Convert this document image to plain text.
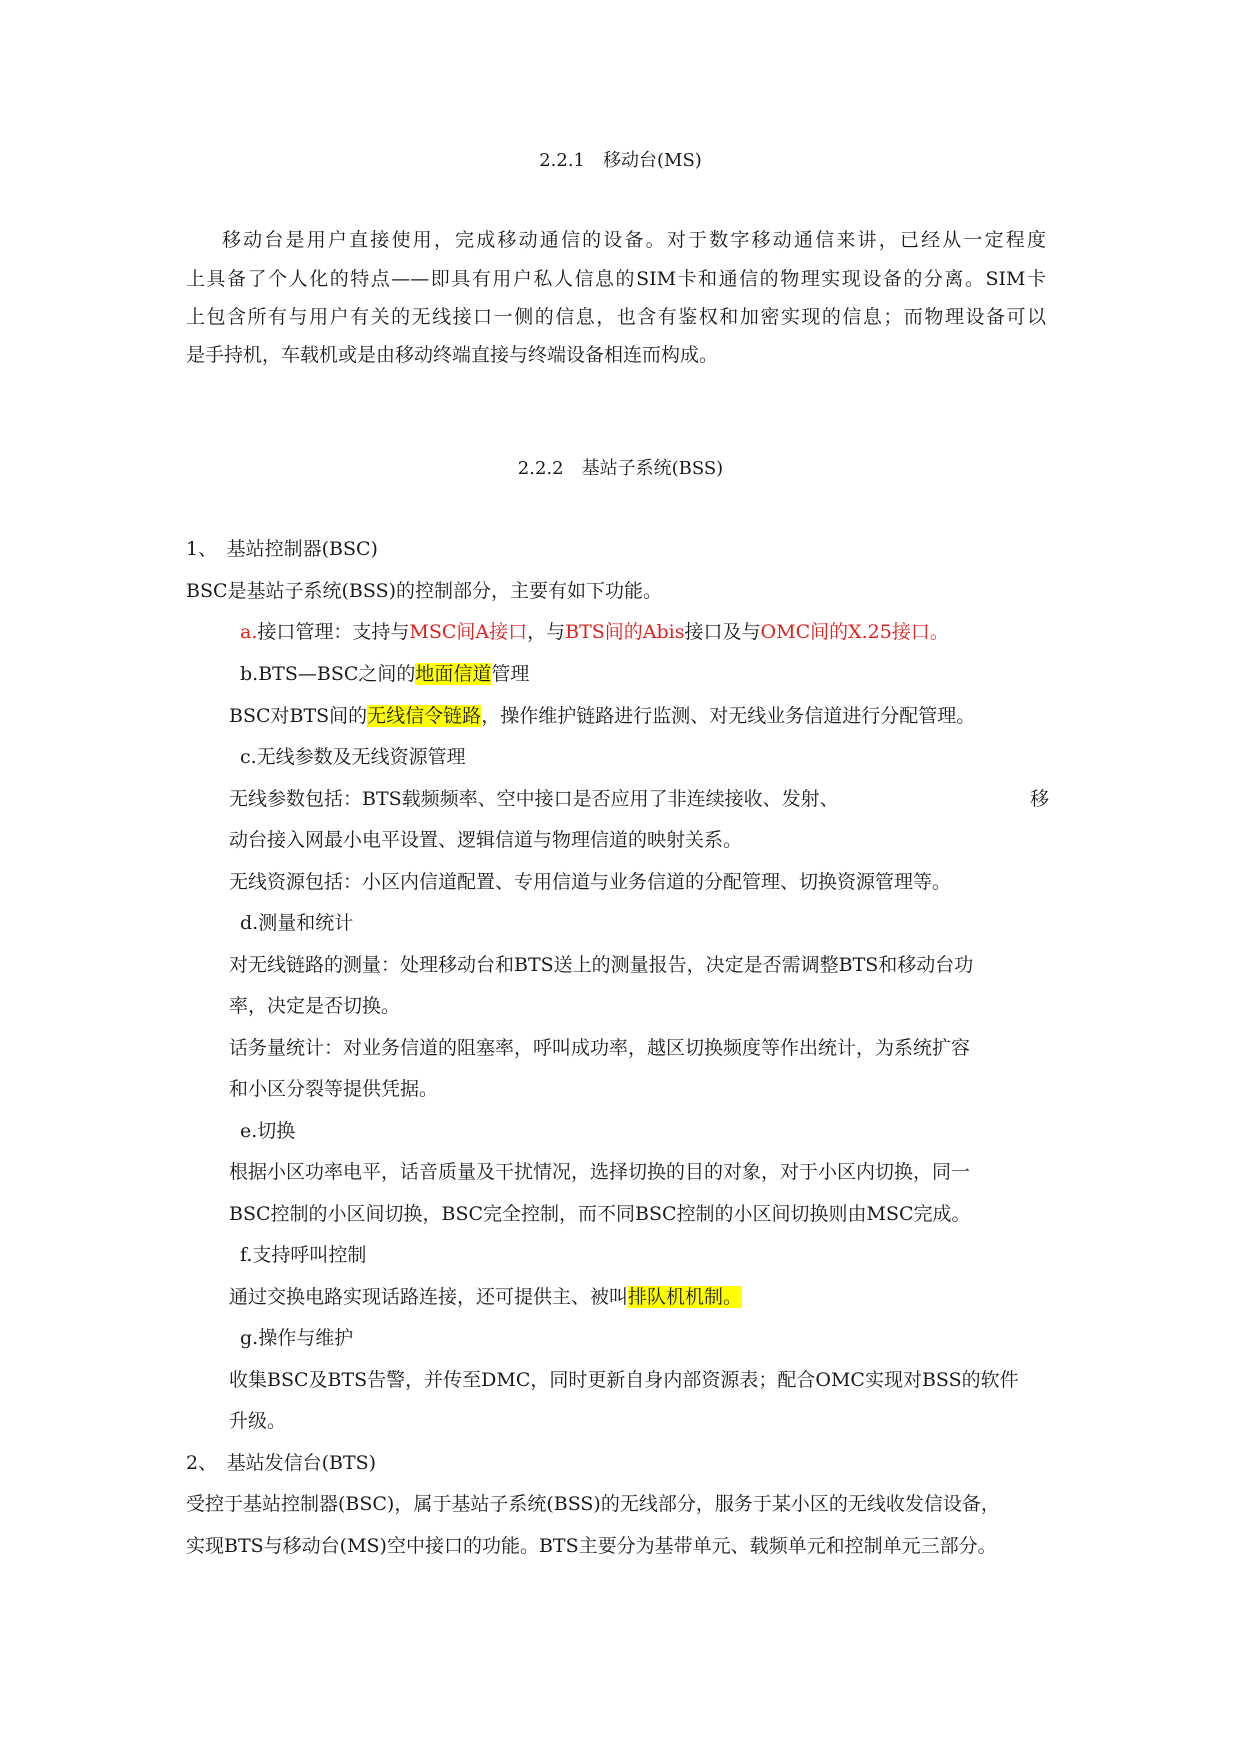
2.2.1　移动台(MS)
移动台是用户直接使用，完成移动通信的设备。对于数字移动通信来讲，已经从一定程度
上具备了个人化的特点——即具有用户私人信息的SIM卡和通信的物理实现设备的分离。SIM卡
上包含所有与用户有关的无线接口一侧的信息，也含有鉴权和加密实现的信息；而物理设备可以
是手持机，车载机或是由移动终端直接与终端设备相连而构成。
2.2.2　基站子系统(BSS)
1、　基站控制器(BSC)
BSC是基站子系统(BSS)的控制部分，主要有如下功能。
a.接口管理：支持与MSC间A接口，与BTS间的Abis接口及与OMC间的X.25接口。
b.BTS—BSC之间的地面信道管理
BSC对BTS间的无线信令链路，操作维护链路进行监测、对无线业务信道进行分配管理。
c.无线参数及无线资源管理
无线参数包括：BTS载频频率、空中接口是否应用了非连续接收、发射、	移
动台接入网最小电平设置、逻辑信道与物理信道的映射关系。
无线资源包括：小区内信道配置、专用信道与业务信道的分配管理、切换资源管理等。
d.测量和统计
对无线链路的测量：处理移动台和BTS送上的测量报告，决定是否需调整BTS和移动台功
率，决定是否切换。
话务量统计：对业务信道的阻塞率，呼叫成功率，越区切换频度等作出统计，为系统扩容
和小区分裂等提供凭据。
e.切换
根据小区功率电平，话音质量及干扰情况，选择切换的目的对象，对于小区内切换，同一
BSC控制的小区间切换，BSC完全控制，而不同BSC控制的小区间切换则由MSC完成。
f.支持呼叫控制
通过交换电路实现话路连接，还可提供主、被叫排队机机制。
g.操作与维护
收集BSC及BTS告警，并传至DMC，同时更新自身内部资源表；配合OMC实现对BSS的软件
升级。
2、　基站发信台(BTS)
受控于基站控制器(BSC)，属于基站子系统(BSS)的无线部分，服务于某小区的无线收发信设备，
实现BTS与移动台(MS)空中接口的功能。BTS主要分为基带单元、载频单元和控制单元三部分。
